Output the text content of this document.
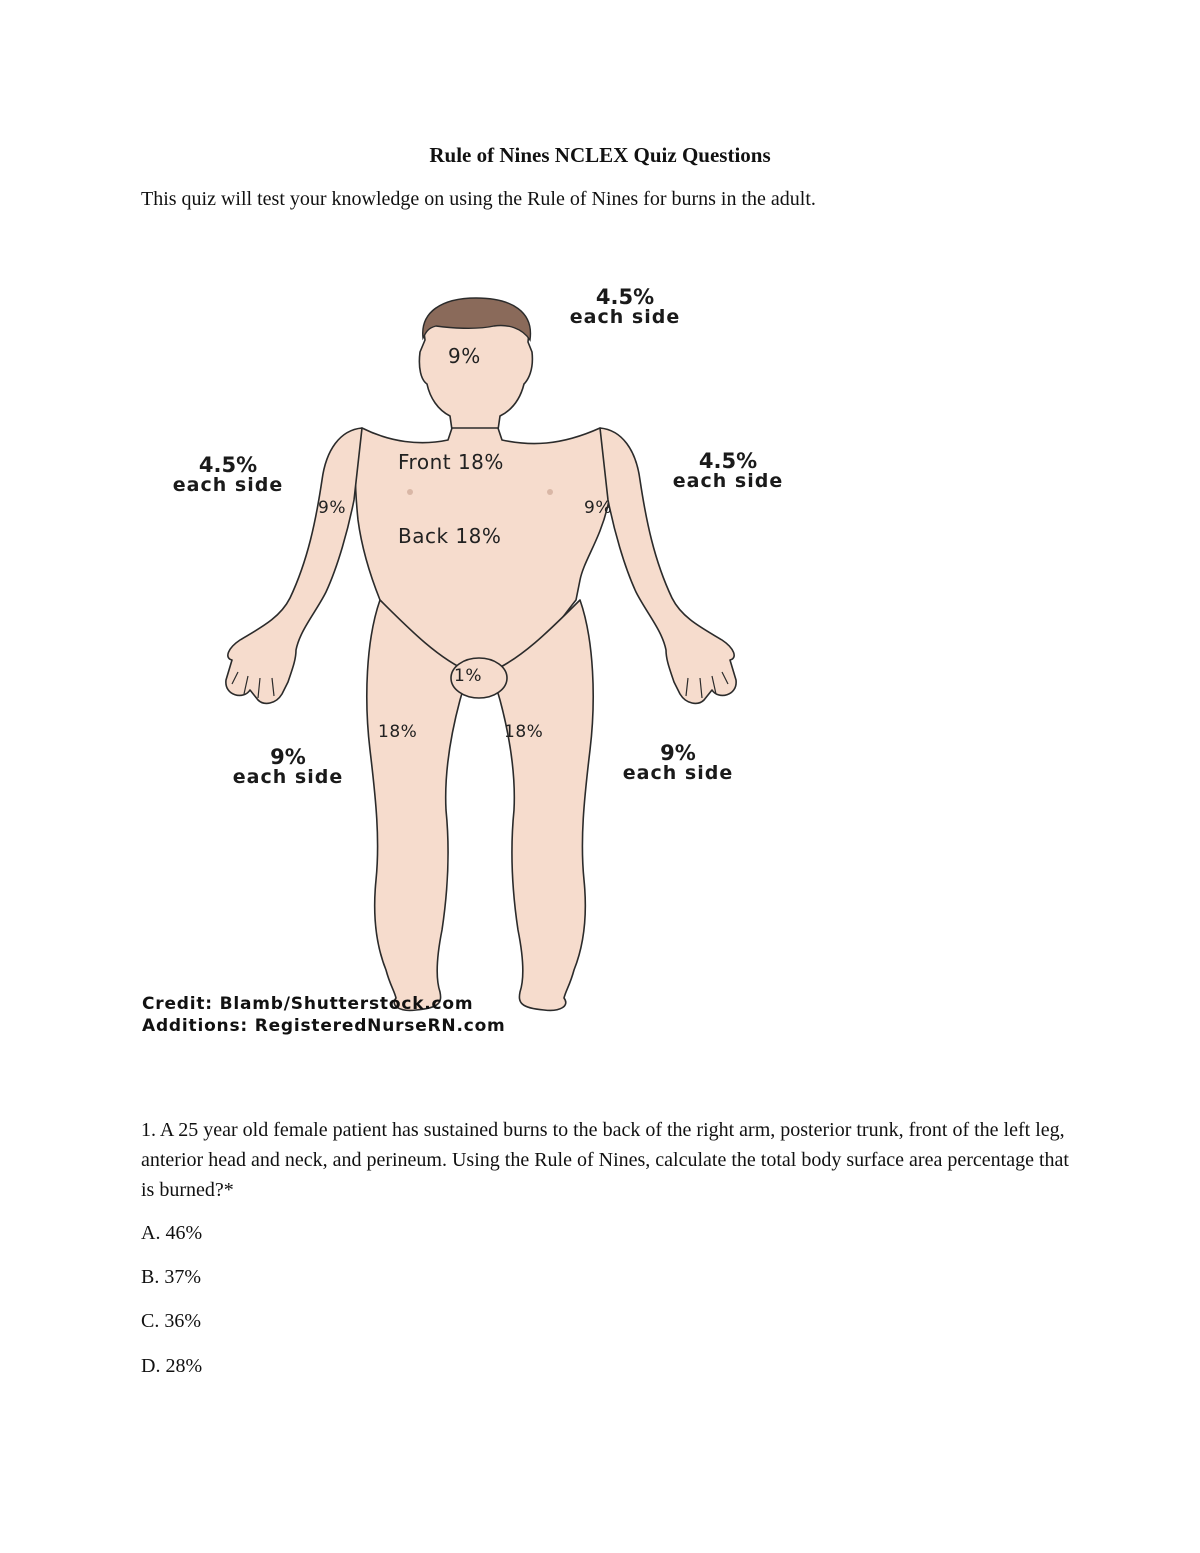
Rule of Nines NCLEX Quiz Questions
This quiz will test your knowledge on using the Rule of Nines for burns in the adult.
4.5%
each side
9%
4.5%
each side
4.5%
each side
Front 18%
Back 18%
9%	9%
1%
18%	18%
9%
each side
9%
each side
Credit: Blamb/Shutterstock.com
Additions: RegisteredNurseRN.com
1. A 25 year old female patient has sustained burns to the back of the right arm, posterior trunk, front of the left leg, anterior head and neck, and perineum. Using the Rule of Nines, calculate the total body surface area percentage that is burned?*
A. 46%
B. 37%
C. 36%
D. 28%
